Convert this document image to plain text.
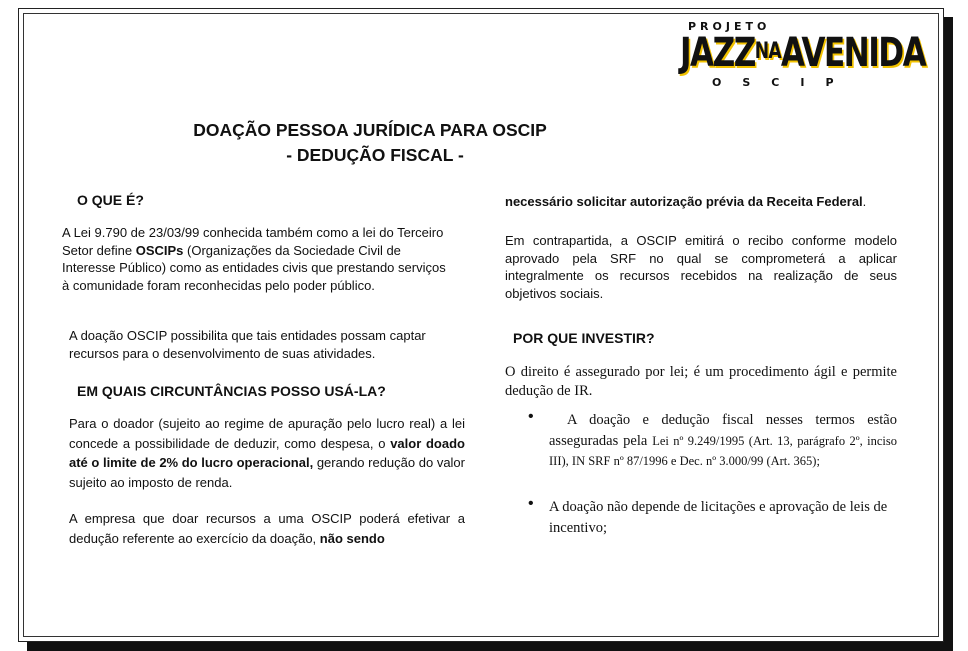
PROJETO
$JAZZ^{NA}AVENIDA$
OSCIP
DOAÇÃO PESSOA JURÍDICA PARA OSCIP
- DEDUÇÃO FISCAL -
O QUE É?
A Lei 9.790 de 23/03/99 conhecida também como a lei do Terceiro Setor define OSCIPs (Organizações da Sociedade Civil de Interesse Público) como as entidades civis que prestando serviços à comunidade foram reconhecidas pelo poder público.
A doação OSCIP possibilita que tais entidades possam captar recursos para o desenvolvimento de suas atividades.
EM QUAIS CIRCUNTÂNCIAS POSSO USÁ-LA?
Para o doador (sujeito ao regime de apuração pelo lucro real) a lei concede a possibilidade de deduzir, como despesa, o valor doado até o limite de 2% do lucro operacional, gerando redução do valor sujeito ao imposto de renda.
A empresa que doar recursos a uma OSCIP poderá efetivar a dedução referente ao exercício da doação, não sendo
necessário solicitar autorização prévia da Receita Federal.
Em contrapartida, a OSCIP emitirá o recibo conforme modelo aprovado pela SRF no qual se comprometerá a aplicar integralmente os recursos recebidos na realização de seus objetivos sociais.
POR QUE INVESTIR?
O direito é assegurado por lei; é um procedimento ágil e permite dedução de IR.
•	A doação e dedução fiscal nesses termos estão asseguradas pela Lei nº 9.249/1995 (Art. 13, parágrafo 2º, inciso III), IN SRF nº 87/1996 e Dec. nº 3.000/99 (Art. 365);
• A doação não depende de licitações e aprovação de leis de incentivo;
